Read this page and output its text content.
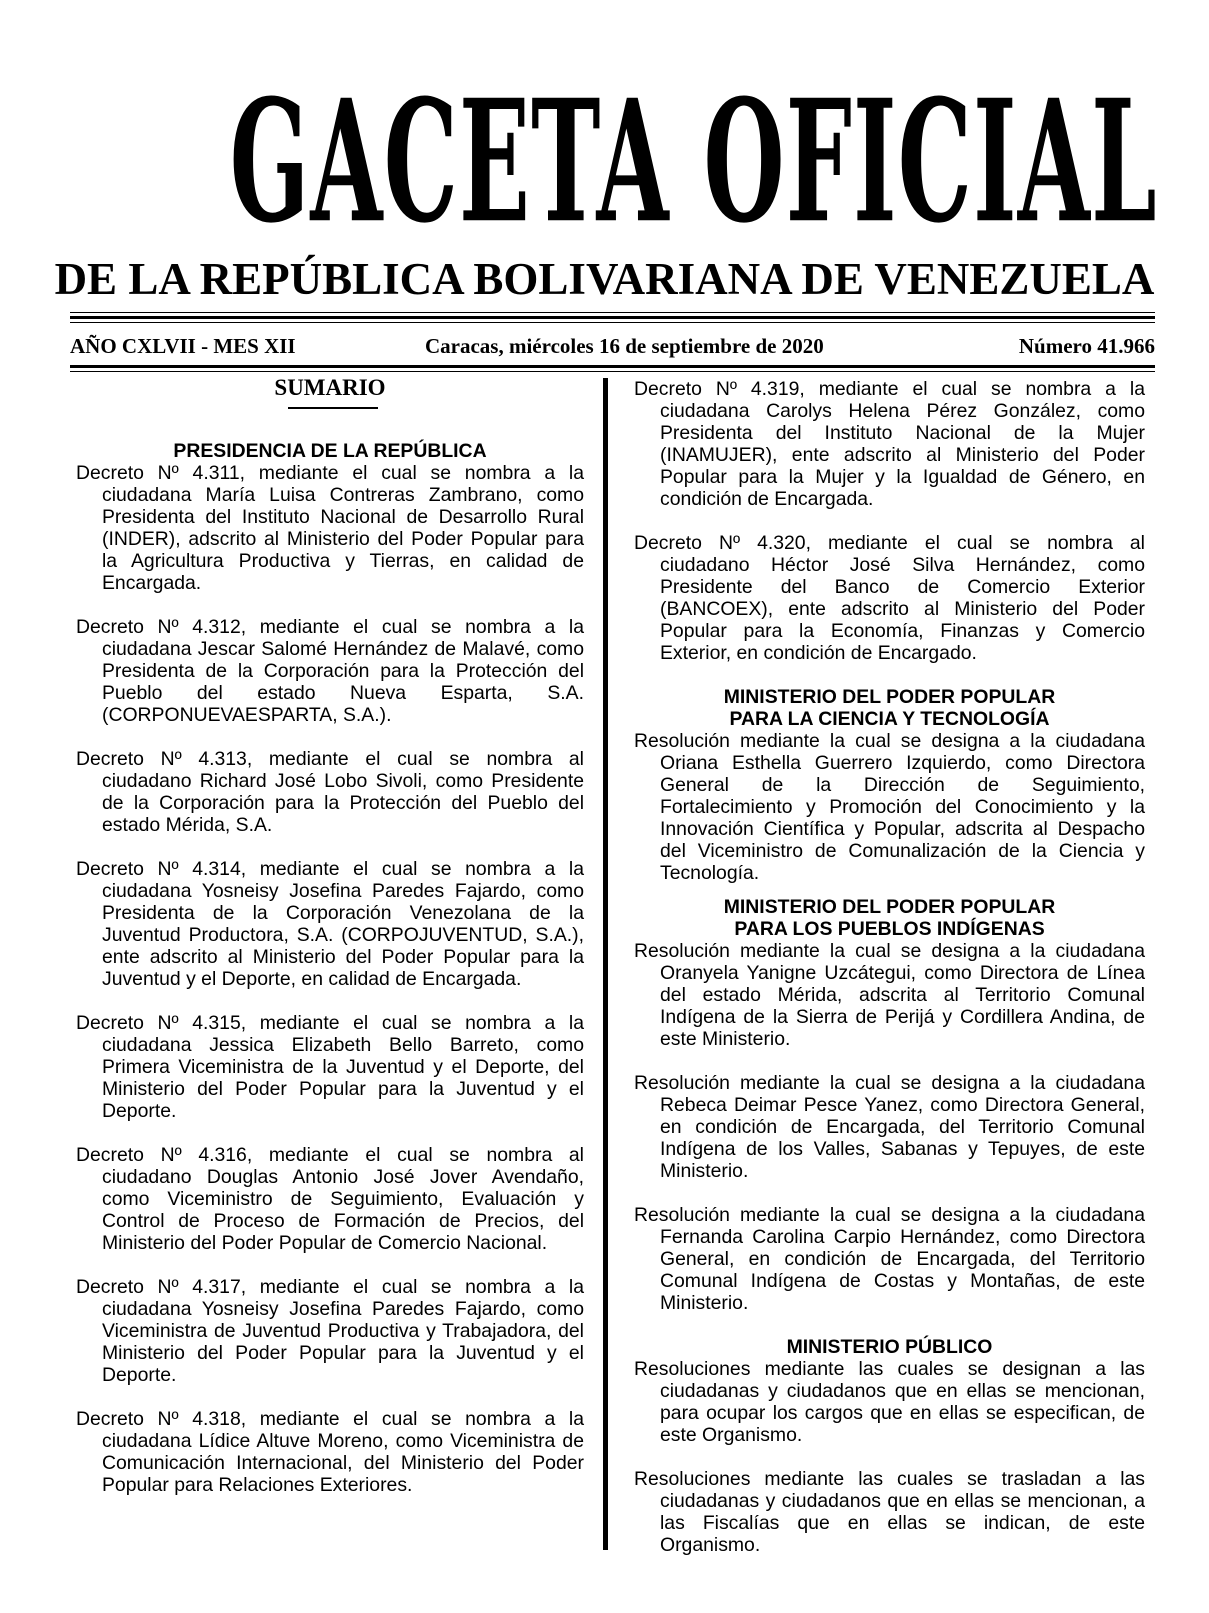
GACETA OFICIAL
DE LA REPÚBLICA BOLIVARIANA DE VENEZUELA
AÑO CXLVII - MES XII	Caracas, miércoles 16 de septiembre de 2020	Número 41.966
SUMARIO

PRESIDENCIA DE LA REPÚBLICA

Decreto Nº 4.311, mediante el cual se nombra a la ciudadana María Luisa Contreras Zambrano, como Presidenta del Instituto Nacional de Desarrollo Rural (INDER), adscrito al Ministerio del Poder Popular para la Agricultura Productiva y Tierras, en calidad de Encargada.

Decreto Nº 4.312, mediante el cual se nombra a la ciudadana Jescar Salomé Hernández de Malavé, como Presidenta de la Corporación para la Protección del Pueblo del estado Nueva Esparta, S.A. (CORPONUEVAESPARTA, S.A.).

Decreto Nº 4.313, mediante el cual se nombra al ciudadano Richard José Lobo Sivoli, como Presidente de la Corporación para la Protección del Pueblo del estado Mérida, S.A.

Decreto Nº 4.314, mediante el cual se nombra a la ciudadana Yosneisy Josefina Paredes Fajardo, como Presidenta de la Corporación Venezolana de la Juventud Productora, S.A. (CORPOJUVENTUD, S.A.), ente adscrito al Ministerio del Poder Popular para la Juventud y el Deporte, en calidad de Encargada.

Decreto Nº 4.315, mediante el cual se nombra a la ciudadana Jessica Elizabeth Bello Barreto, como Primera Viceministra de la Juventud y el Deporte, del Ministerio del Poder Popular para la Juventud y el Deporte.

Decreto Nº 4.316, mediante el cual se nombra al ciudadano Douglas Antonio José Jover Avendaño, como Viceministro de Seguimiento, Evaluación y Control de Proceso de Formación de Precios, del Ministerio del Poder Popular de Comercio Nacional.

Decreto Nº 4.317, mediante el cual se nombra a la ciudadana Yosneisy Josefina Paredes Fajardo, como Viceministra de Juventud Productiva y Trabajadora, del Ministerio del Poder Popular para la Juventud y el Deporte.

Decreto Nº 4.318, mediante el cual se nombra a la ciudadana Lídice Altuve Moreno, como Viceministra de Comunicación Internacional, del Ministerio del Poder Popular para Relaciones Exteriores.

Decreto Nº 4.319, mediante el cual se nombra a la ciudadana Carolys Helena Pérez González, como Presidenta del Instituto Nacional de la Mujer (INAMUJER), ente adscrito al Ministerio del Poder Popular para la Mujer y la Igualdad de Género, en condición de Encargada.

Decreto Nº 4.320, mediante el cual se nombra al ciudadano Héctor José Silva Hernández, como Presidente del Banco de Comercio Exterior (BANCOEX), ente adscrito al Ministerio del Poder Popular para la Economía, Finanzas y Comercio Exterior, en condición de Encargado.

MINISTERIO DEL PODER POPULAR
PARA LA CIENCIA Y TECNOLOGÍA

Resolución mediante la cual se designa a la ciudadana Oriana Esthella Guerrero Izquierdo, como Directora General de la Dirección de Seguimiento, Fortalecimiento y Promoción del Conocimiento y la Innovación Científica y Popular, adscrita al Despacho del Viceministro de Comunalización de la Ciencia y Tecnología.

MINISTERIO DEL PODER POPULAR
PARA LOS PUEBLOS INDÍGENAS

Resolución mediante la cual se designa a la ciudadana Oranyela Yanigne Uzcátegui, como Directora de Línea del estado Mérida, adscrita al Territorio Comunal Indígena de la Sierra de Perijá y Cordillera Andina, de este Ministerio.

Resolución mediante la cual se designa a la ciudadana Rebeca Deimar Pesce Yanez, como Directora General, en condición de Encargada, del Territorio Comunal Indígena de los Valles, Sabanas y Tepuyes, de este Ministerio.

Resolución mediante la cual se designa a la ciudadana Fernanda Carolina Carpio Hernández, como Directora General, en condición de Encargada, del Territorio Comunal Indígena de Costas y Montañas, de este Ministerio.

MINISTERIO PÚBLICO

Resoluciones mediante las cuales se designan a las ciudadanas y ciudadanos que en ellas se mencionan, para ocupar los cargos que en ellas se especifican, de este Organismo.

Resoluciones mediante las cuales se trasladan a las ciudadanas y ciudadanos que en ellas se mencionan, a las Fiscalías que en ellas se indican, de este Organismo.
